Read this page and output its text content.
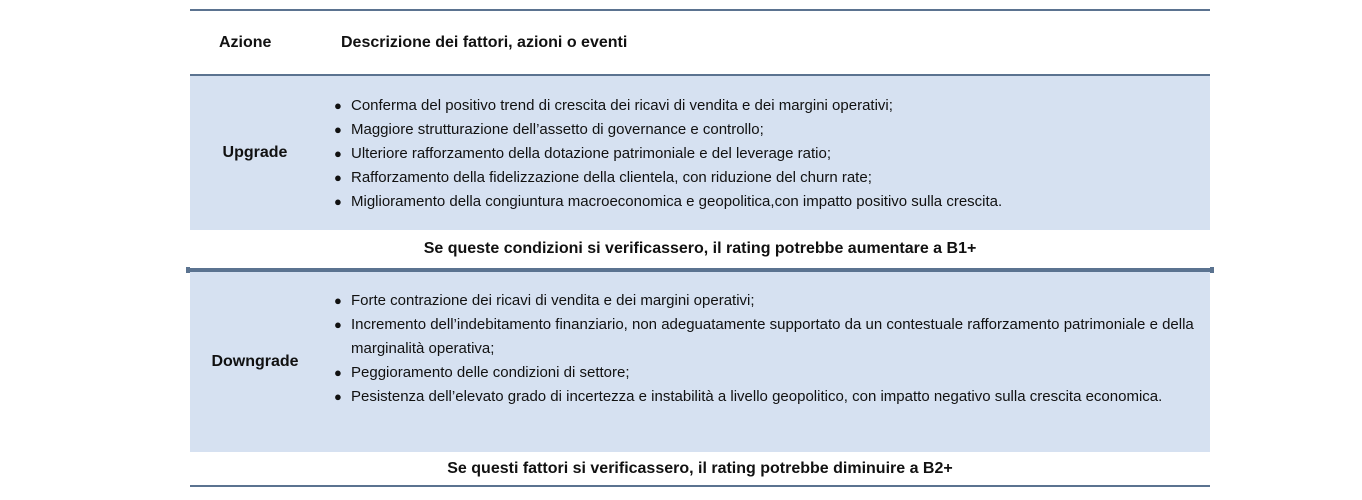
Azione	Descrizione dei fattori, azioni o eventi
Upgrade
● Conferma del positivo trend di crescita dei ricavi di vendita e dei margini operativi;
● Maggiore strutturazione dell’assetto di governance e controllo;
● Ulteriore rafforzamento della dotazione patrimoniale e del leverage ratio;
● Rafforzamento della fidelizzazione della clientela, con riduzione del churn rate;
● Miglioramento della congiuntura macroeconomica e geopolitica,con impatto positivo sulla crescita.
Se queste condizioni si verificassero, il rating potrebbe aumentare a B1+
Downgrade
● Forte contrazione dei ricavi di vendita e dei margini operativi;
● Incremento dell’indebitamento finanziario, non adeguatamente supportato da un contestuale rafforzamento patrimoniale e della marginalità operativa;
● Peggioramento delle condizioni di settore;
● Pesistenza dell’elevato grado di incertezza e instabilità a livello geopolitico, con impatto negativo sulla crescita economica.
Se questi fattori si verificassero, il rating potrebbe diminuire a B2+
